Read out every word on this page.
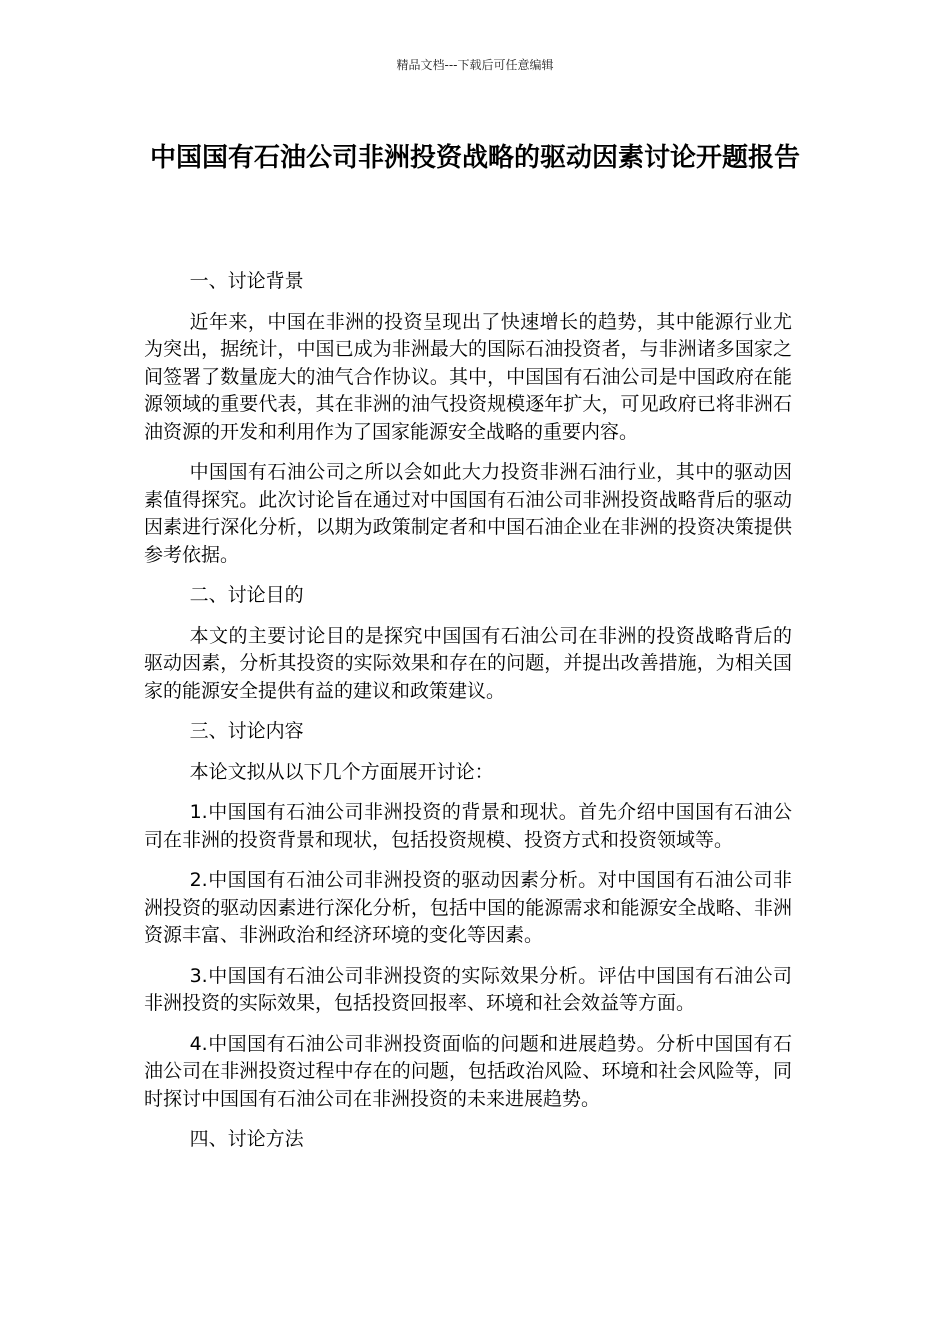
精品文档---下载后可任意编辑
中国国有石油公司非洲投资战略的驱动因素讨论开题报告
一、讨论背景

近年来，中国在非洲的投资呈现出了快速增长的趋势，其中能源行业尤为突出，据统计，中国已成为非洲最大的国际石油投资者，与非洲诸多国家之间签署了数量庞大的油气合作协议。其中，中国国有石油公司是中国政府在能源领域的重要代表，其在非洲的油气投资规模逐年扩大，可见政府已将非洲石油资源的开发和利用作为了国家能源安全战略的重要内容。

中国国有石油公司之所以会如此大力投资非洲石油行业，其中的驱动因素值得探究。此次讨论旨在通过对中国国有石油公司非洲投资战略背后的驱动因素进行深化分析，以期为政策制定者和中国石油企业在非洲的投资决策提供参考依据。

二、讨论目的

本文的主要讨论目的是探究中国国有石油公司在非洲的投资战略背后的驱动因素，分析其投资的实际效果和存在的问题，并提出改善措施，为相关国家的能源安全提供有益的建议和政策建议。

三、讨论内容

本论文拟从以下几个方面展开讨论：

1.中国国有石油公司非洲投资的背景和现状。首先介绍中国国有石油公司在非洲的投资背景和现状，包括投资规模、投资方式和投资领域等。

2.中国国有石油公司非洲投资的驱动因素分析。对中国国有石油公司非洲投资的驱动因素进行深化分析，包括中国的能源需求和能源安全战略、非洲资源丰富、非洲政治和经济环境的变化等因素。

3.中国国有石油公司非洲投资的实际效果分析。评估中国国有石油公司非洲投资的实际效果，包括投资回报率、环境和社会效益等方面。

4.中国国有石油公司非洲投资面临的问题和进展趋势。分析中国国有石油公司在非洲投资过程中存在的问题，包括政治风险、环境和社会风险等，同时探讨中国国有石油公司在非洲投资的未来进展趋势。

四、讨论方法
